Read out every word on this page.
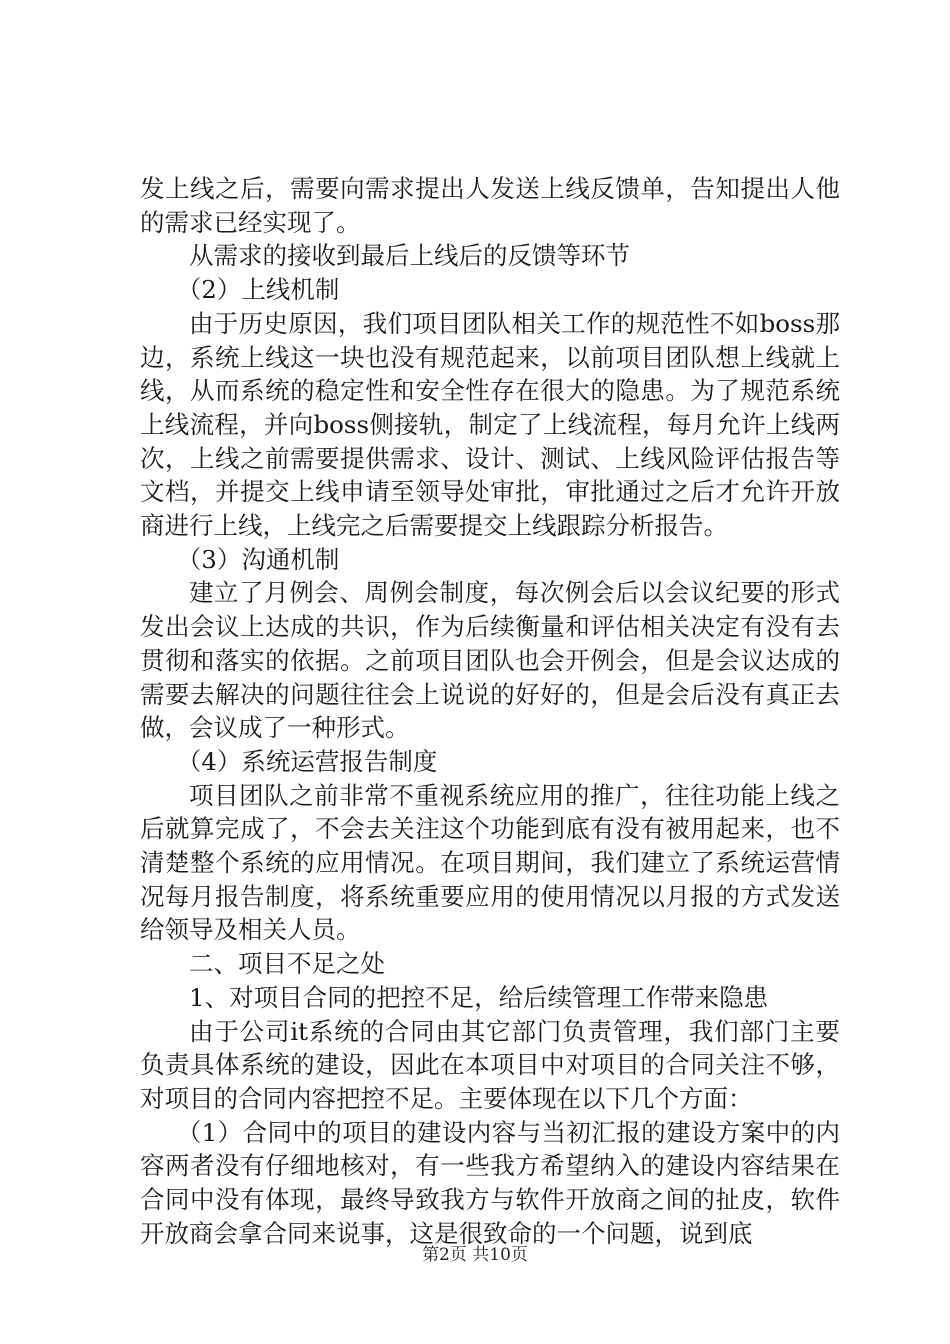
发上线之后，需要向需求提出人发送上线反馈单，告知提出人他的需求已经实现了。

从需求的接收到最后上线后的反馈等环节

（2）上线机制

由于历史原因，我们项目团队相关工作的规范性不如boss那边，系统上线这一块也没有规范起来，以前项目团队想上线就上线，从而系统的稳定性和安全性存在很大的隐患。为了规范系统上线流程，并向boss侧接轨，制定了上线流程，每月允许上线两次，上线之前需要提供需求、设计、测试、上线风险评估报告等文档，并提交上线申请至领导处审批，审批通过之后才允许开放商进行上线，上线完之后需要提交上线跟踪分析报告。

（3）沟通机制

建立了月例会、周例会制度，每次例会后以会议纪要的形式发出会议上达成的共识，作为后续衡量和评估相关决定有没有去贯彻和落实的依据。之前项目团队也会开例会，但是会议达成的需要去解决的问题往往会上说说的好好的，但是会后没有真正去做，会议成了一种形式。

（4）系统运营报告制度

项目团队之前非常不重视系统应用的推广，往往功能上线之后就算完成了，不会去关注这个功能到底有没有被用起来，也不清楚整个系统的应用情况。在项目期间，我们建立了系统运营情况每月报告制度，将系统重要应用的使用情况以月报的方式发送给领导及相关人员。

二、项目不足之处

1、对项目合同的把控不足，给后续管理工作带来隐患

由于公司it系统的合同由其它部门负责管理，我们部门主要负责具体系统的建设，因此在本项目中对项目的合同关注不够，对项目的合同内容把控不足。主要体现在以下几个方面：

（1）合同中的项目的建设内容与当初汇报的建设方案中的内容两者没有仔细地核对，有一些我方希望纳入的建设内容结果在合同中没有体现，最终导致我方与软件开放商之间的扯皮，软件开放商会拿合同来说事，这是很致命的一个问题，说到底

第2页 共10页
